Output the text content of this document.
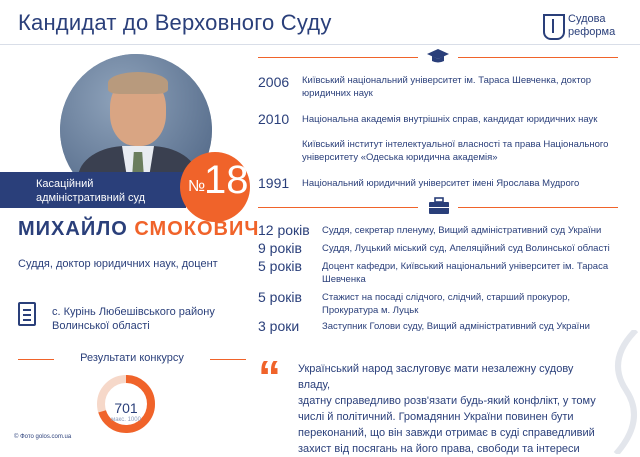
Кандидат до Верховного Суду	Судова
реформа
Касаційний
адміністративний суд
№
18
МИХАЙЛО СМОКОВИЧ
Суддя, доктор юридичних наук, доцент
с. Курінь Любешівського району
Волинської області
Результати конкурсу
701
макс. 1000
© Фото golos.com.ua
2006	Київський національний університет ім. Тараса Шевченка, доктор
юридичних наук
2010	Національна академія внутрішніх справ, кандидат юридичних наук
Київський інститут інтелектуальної власності та права Національного
університету «Одеська юридична академія»
1991	Національний юридичний університет імені Ярослава Мудрого
12 років	Суддя, секретар пленуму, Вищий адміністративний суд України
9 років	Суддя, Луцький міський суд, Апеляційний суд Волинської області
5 років	Доцент кафедри, Київський національний університет ім. Тараса
Шевченка
5 років	Стажист на посаді слідчого, слідчий, старший прокурор,
Прокуратура м. Луцьк
3 роки	Заступник Голови суду, Вищий адміністративний суд України
“ Український народ заслуговує мати незалежну судову владу,
здатну справедливо розв'язати будь-який конфлікт, у тому
числі й політичний. Громадянин України повинен бути
переконаний, що він завжди отримає в суді справедливий
захист від посягань на його права, свободи та інтереси
